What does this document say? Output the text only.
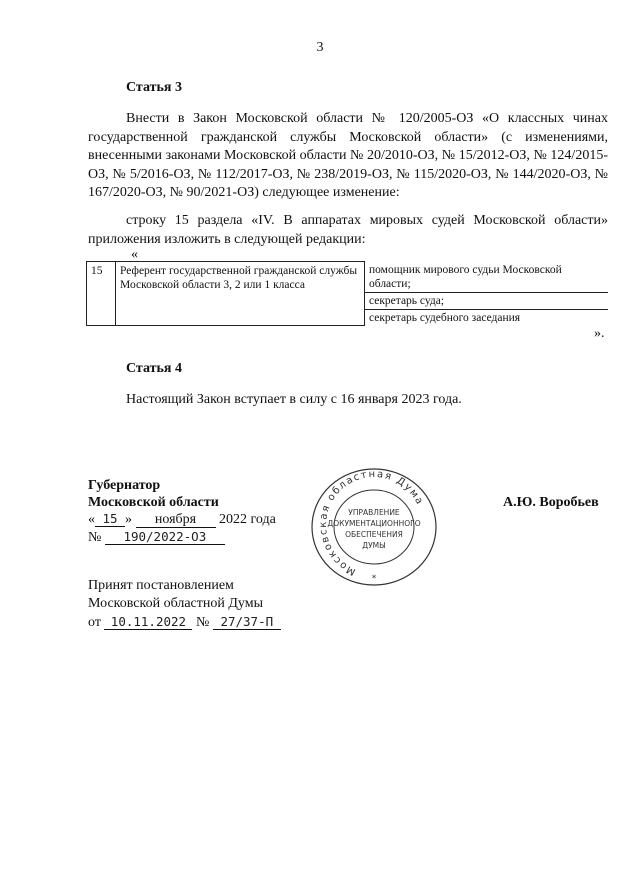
3
Статья 3

Внести в Закон Московской области № 120/2005-ОЗ «О классных чинах государственной гражданской службы Московской области» (с изменениями, внесенными законами Московской области № 20/2010-ОЗ, № 15/2012-ОЗ, № 124/2015-ОЗ, № 5/2016-ОЗ, № 112/2017-ОЗ, № 238/2019-ОЗ, № 115/2020-ОЗ, № 144/2020-ОЗ, № 167/2020-ОЗ, № 90/2021-ОЗ) следующее изменение:

строку 15 раздела «IV. В аппаратах мировых судей Московской области» приложения изложить в следующей редакции:

«
15	Референт государственной гражданской службы Московской области 3, 2 или 1 класса	
помощник мирового судьи Московской области;
секретарь суда;
секретарь судебного заседания
».
Статья 4
Настоящий Закон вступает в силу с 16 января 2023 года.
Губернатор
Московской области
« 15 » ноября 2022 года
№ 190/2022-ОЗ
А.Ю. Воробьев
Московская областная Дума
УПРАВЛЕНИЕ
ДОКУМЕНТАЦИОННОГО
ОБЕСПЕЧЕНИЯ
ДУМЫ
*
Принят постановлением
Московской областной Думы
от 10.11.2022 № 27/37-П
